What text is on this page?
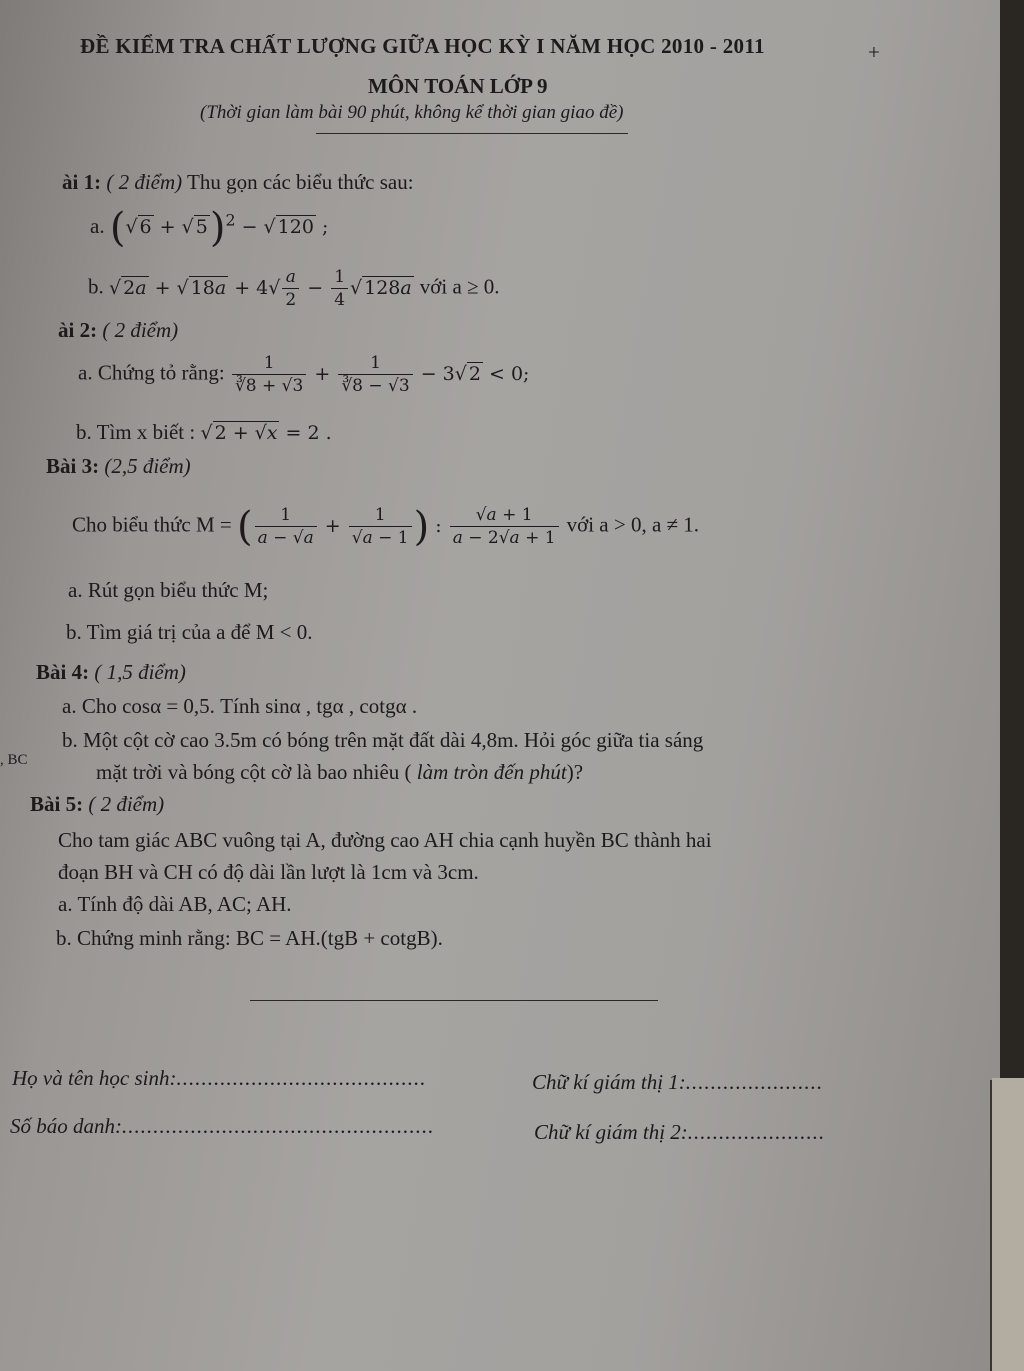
ĐỀ KIỂM TRA CHẤT LƯỢNG GIỮA HỌC KỲ I NĂM HỌC 2010 - 2011	+
MÔN TOÁN LỚP 9
(Thời gian làm bài 90 phút, không kể thời gian giao đề)
ài 1: ( 2 điểm) Thu gọn các biểu thức sau:
a. (√ 6 + √ 5)$^2$ − √ 120 ;
b. √ 2a + √ $18a + 4√ \frac{a}{2} - \frac{1}{4}$ √ 128a với a ≥ 0.
ài 2: ( 2 điểm)
a. Chứng tỏ rằng: $\frac{1}{∛8 + √3} + \frac{1}{∛8 - √3} - 3√$ 2 < 0;
b. Tìm x biết : √ 2 + √x = 2 .
Bài 3: (2,5 điểm)
Cho biểu thức M = ( $\frac{1}{a - √a} + \frac{1}{√a - 1}$ ) : $\frac{√a + 1}{a - 2√a + 1}$ với a > 0, a ≠ 1.
a. Rút gọn biểu thức M;
b. Tìm giá trị của a để M < 0.
Bài 4: ( 1,5 điểm)
a. Cho cosα = 0,5. Tính sinα , tgα , cotgα .
b. Một cột cờ cao 3.5m có bóng trên mặt đất dài 4,8m. Hỏi góc giữa tia sáng
mặt trời và bóng cột cờ là bao nhiêu ( làm tròn đến phút)?
, BC
Bài 5: ( 2 điểm)
Cho tam giác ABC vuông tại A, đường cao AH chia cạnh huyền BC thành hai
đoạn BH và CH có độ dài lần lượt là 1cm và 3cm.
a. Tính độ dài AB, AC; AH.
b. Chứng minh rằng: BC = AH.(tgB + cotgB).
Họ và tên học sinh:........................................	Chữ kí giám thị 1:......................
Số báo danh:..................................................	Chữ kí giám thị 2:......................
